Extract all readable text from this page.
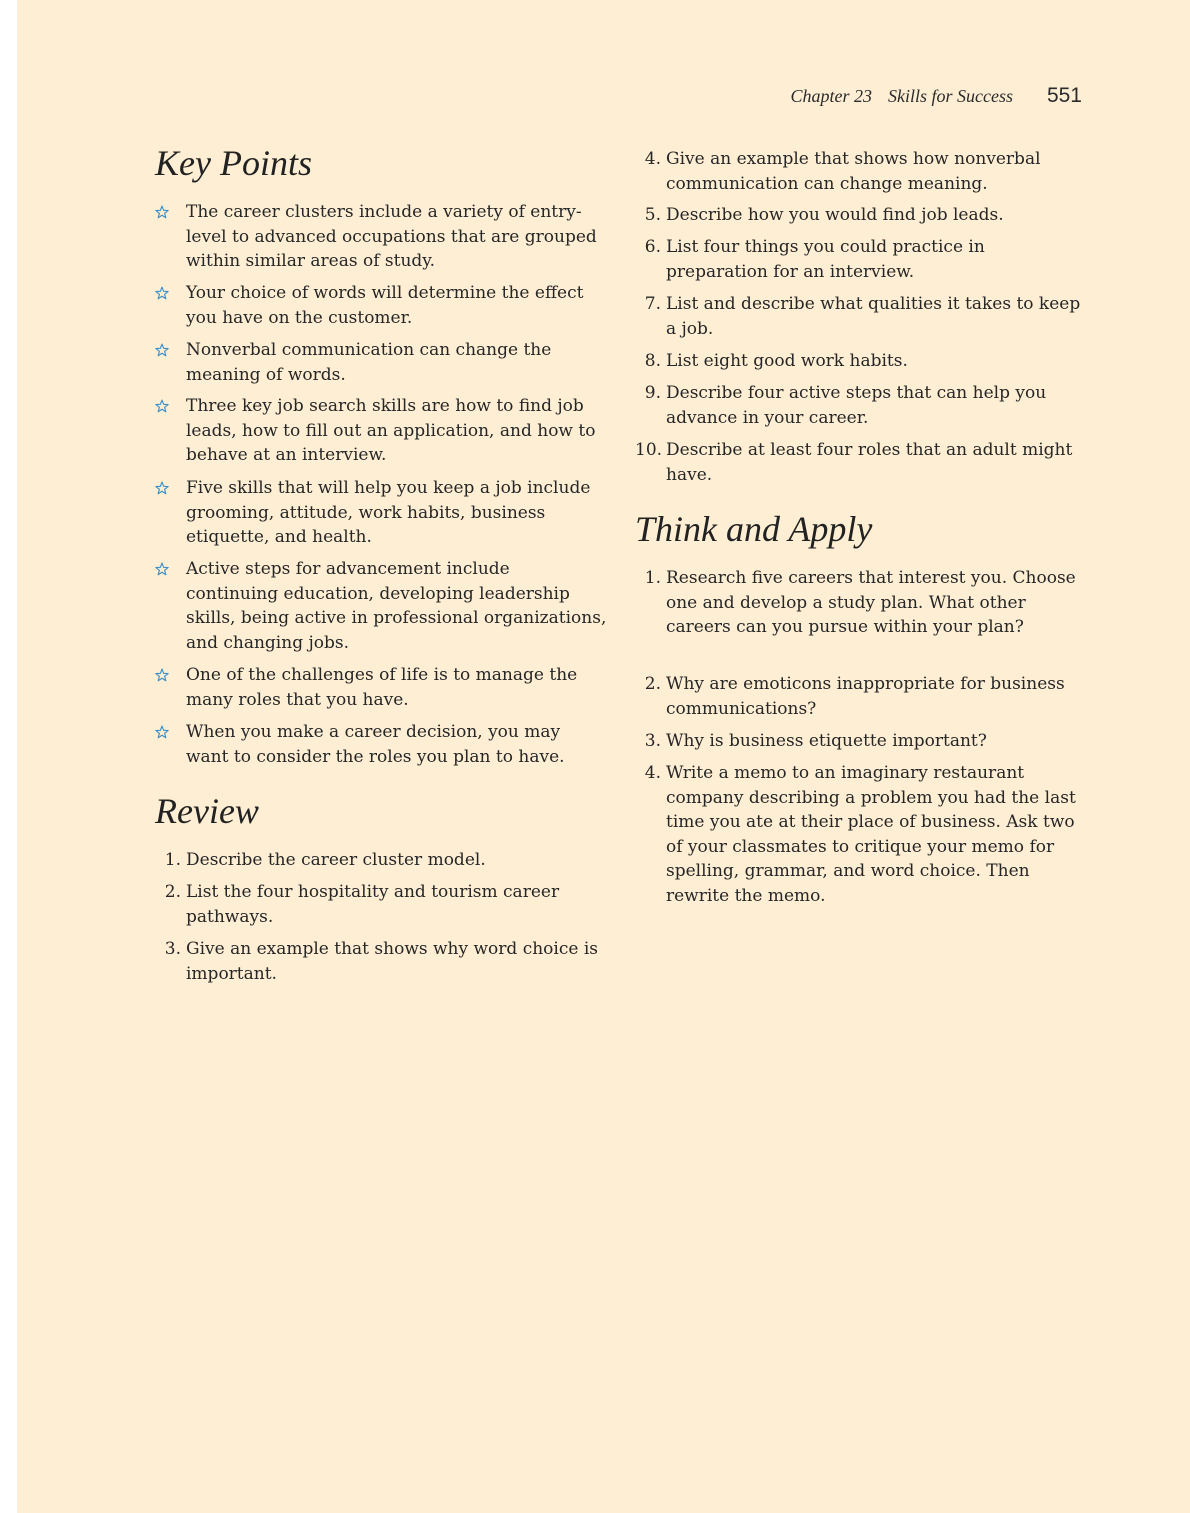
Chapter 23 Skills for Success 551
Key Points
The career clusters include a variety of entry-level to advanced occupations that are grouped within similar areas of study.
Your choice of words will determine the effect you have on the customer.
Nonverbal communication can change the meaning of words.
Three key job search skills are how to find job leads, how to fill out an application, and how to behave at an interview.
Five skills that will help you keep a job include grooming, attitude, work habits, business etiquette, and health.
Active steps for advancement include continuing education, developing leadership skills, being active in professional organizations, and changing jobs.
One of the challenges of life is to manage the many roles that you have.
When you make a career decision, you may want to consider the roles you plan to have.
Review
1. Describe the career cluster model.
2. List the four hospitality and tourism career pathways.
3. Give an example that shows why word choice is important.
4. Give an example that shows how nonverbal communication can change meaning.
5. Describe how you would find job leads.
6. List four things you could practice in preparation for an interview.
7. List and describe what qualities it takes to keep a job.
8. List eight good work habits.
9. Describe four active steps that can help you advance in your career.
10. Describe at least four roles that an adult might have.
Think and Apply
1. Research five careers that interest you. Choose one and develop a study plan. What other careers can you pursue within your plan?
2. Why are emoticons inappropriate for business communications?
3. Why is business etiquette important?
4. Write a memo to an imaginary restaurant company describing a problem you had the last time you ate at their place of business. Ask two of your classmates to critique your memo for spelling, grammar, and word choice. Then rewrite the memo.
